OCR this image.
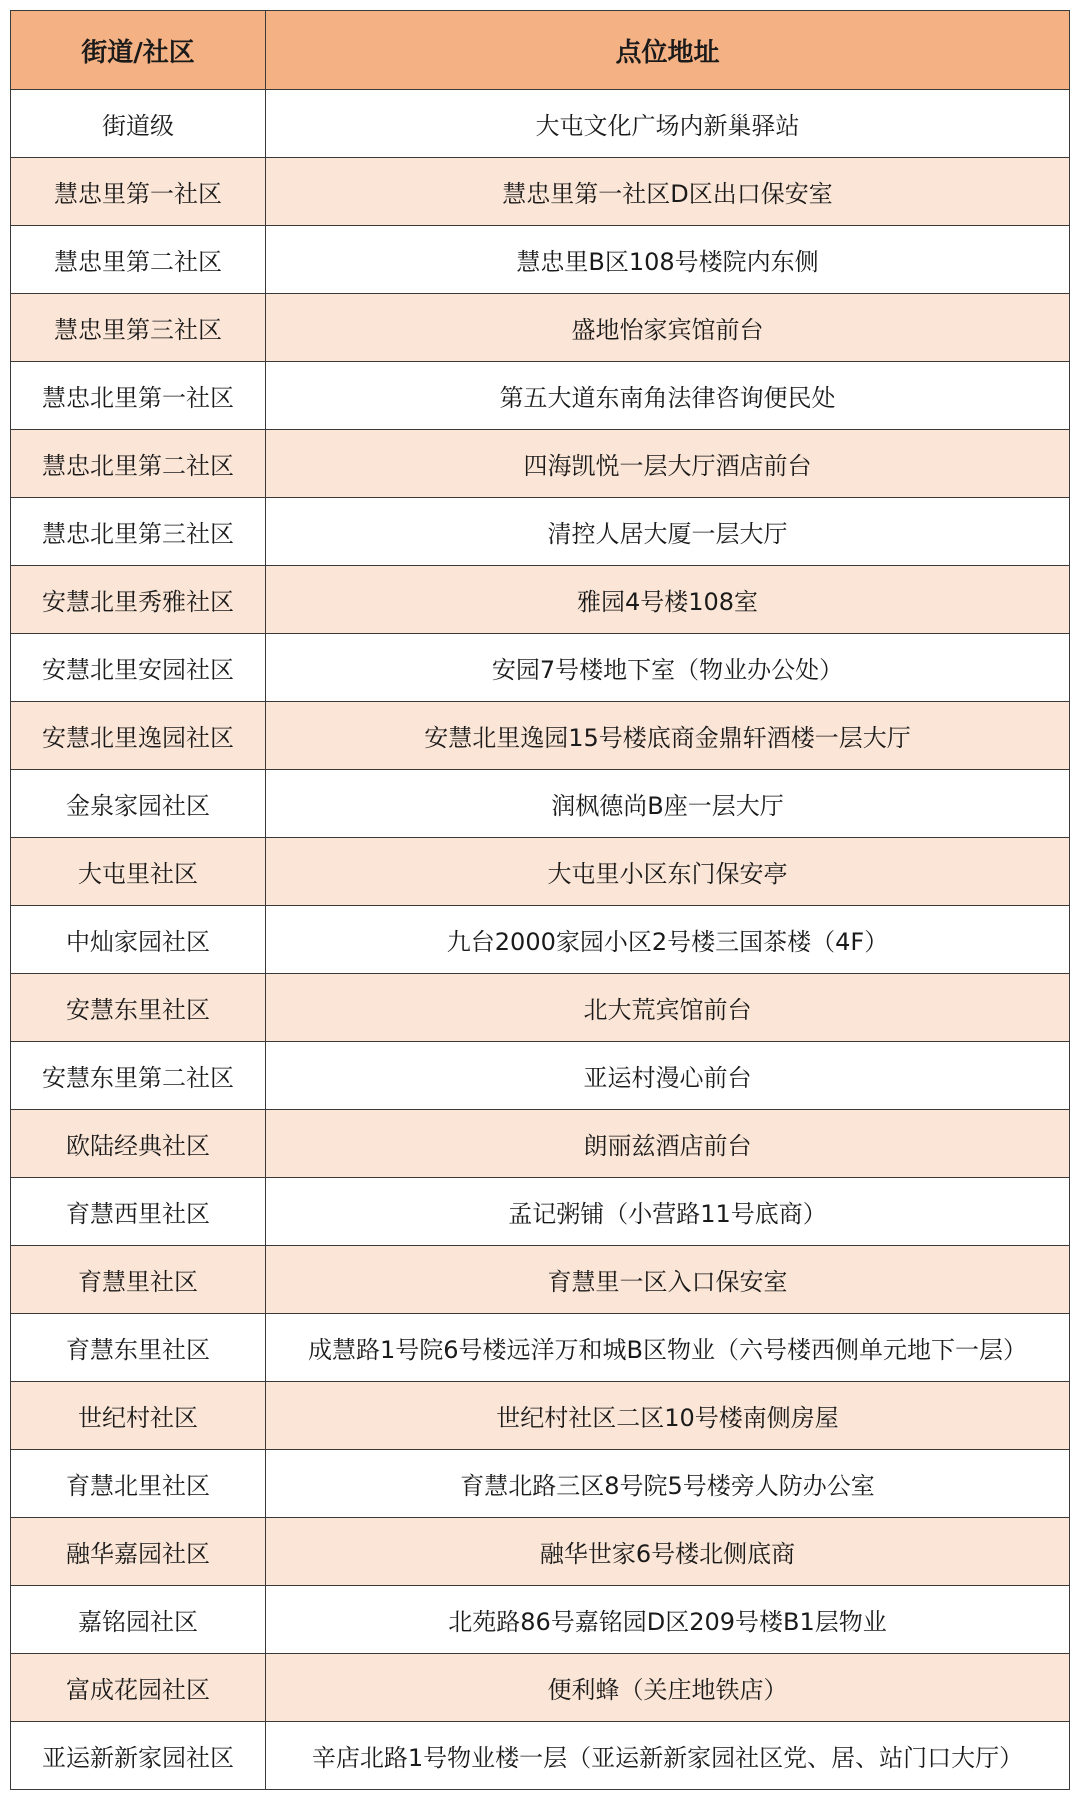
街道/社区	点位地址
街道级	大屯文化广场内新巢驿站
慧忠里第一社区	慧忠里第一社区D区出口保安室
慧忠里第二社区	慧忠里B区108号楼院内东侧
慧忠里第三社区	盛地怡家宾馆前台
慧忠北里第一社区	第五大道东南角法律咨询便民处
慧忠北里第二社区	四海凯悦一层大厅酒店前台
慧忠北里第三社区	清控人居大厦一层大厅
安慧北里秀雅社区	雅园4号楼108室
安慧北里安园社区	安园7号楼地下室（物业办公处）
安慧北里逸园社区	安慧北里逸园15号楼底商金鼎轩酒楼一层大厅
金泉家园社区	润枫德尚B座一层大厅
大屯里社区	大屯里小区东门保安亭
中灿家园社区	九台2000家园小区2号楼三国茶楼（4F）
安慧东里社区	北大荒宾馆前台
安慧东里第二社区	亚运村漫心前台
欧陆经典社区	朗丽兹酒店前台
育慧西里社区	孟记粥铺（小营路11号底商）
育慧里社区	育慧里一区入口保安室
育慧东里社区	成慧路1号院6号楼远洋万和城B区物业（六号楼西侧单元地下一层）
世纪村社区	世纪村社区二区10号楼南侧房屋
育慧北里社区	育慧北路三区8号院5号楼旁人防办公室
融华嘉园社区	融华世家6号楼北侧底商
嘉铭园社区	北苑路86号嘉铭园D区209号楼B1层物业
富成花园社区	便利蜂（关庄地铁店）
亚运新新家园社区	辛店北路1号物业楼一层（亚运新新家园社区党、居、站门口大厅）
